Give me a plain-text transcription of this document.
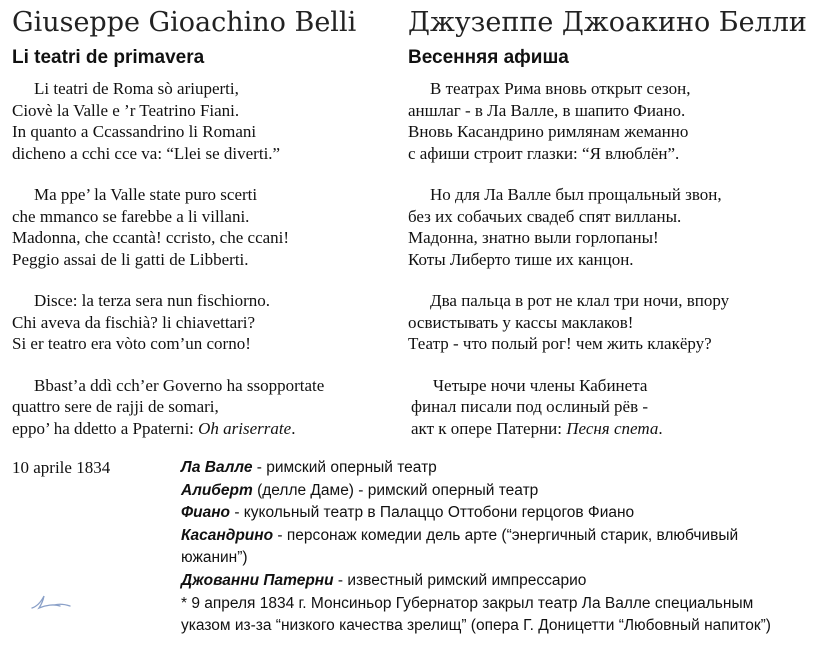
Giuseppe Gioachino Belli
Li teatri de primavera
Li teatri de Roma sò ariuperti,
Ciovè la Valle e ’r Teatrino Fiani.
In quanto a Ccassandrino li Romani
dicheno a cchi cce va: “Llei se diverti.”
Ma ppe’ la Valle state puro scerti
che mmanco se farebbe a li villani.
Madonna, che ccantà! ccristo, che ccani!
Peggio assai de li gatti de Libberti.
Disce: la terza sera nun fischiorno.
Chi aveva da fischià? li chiavettari?
Si er teatro era vòto com’un corno!
Bbast’a ddì cch’er Governo ha ssopportate
quattro sere de rajji de somari,
eppo’ ha ddetto a Ppaterni: Oh ariserrate.
Джузеппе Джоакино Белли
Весенняя афиша
В театрах Рима вновь открыт сезон,
аншлаг - в Ла Валле, в шапито Фиано.
Вновь Касандрино римлянам жеманно
с афиши строит глазки: “Я влюблён”.
Но для Ла Валле был прощальный звон,
без их собачьих свадеб спят вилланы.
Мадонна, знатно выли горлопаны!
Коты Либерто тише их канцон.
Два пальца в рот не клал три ночи, впору
освистывать у кассы маклаков!
Театр - что полый рог! чем жить клакёру?
Четыре ночи члены Кабинета
финал писали под ослиный рёв -
акт к опере Патерни: Песня спета.
10 aprile 1834	Ла Валле - римский оперный театр
Алиберт (делле Даме) - римский оперный театр
Фиано - кукольный театр в Палаццо Оттобони герцогов Фиано
Касандрино - персонаж комедии дель арте (“энергичный старик, влюбчивый южанин”)
Джованни Патерни - известный римский импрессарио
* 9 апреля 1834 г. Монсиньор Губернатор закрыл театр Ла Валле специальным указом из-за “низкого качества зрелищ” (опера Г. Доницетти “Любовный напиток”)
